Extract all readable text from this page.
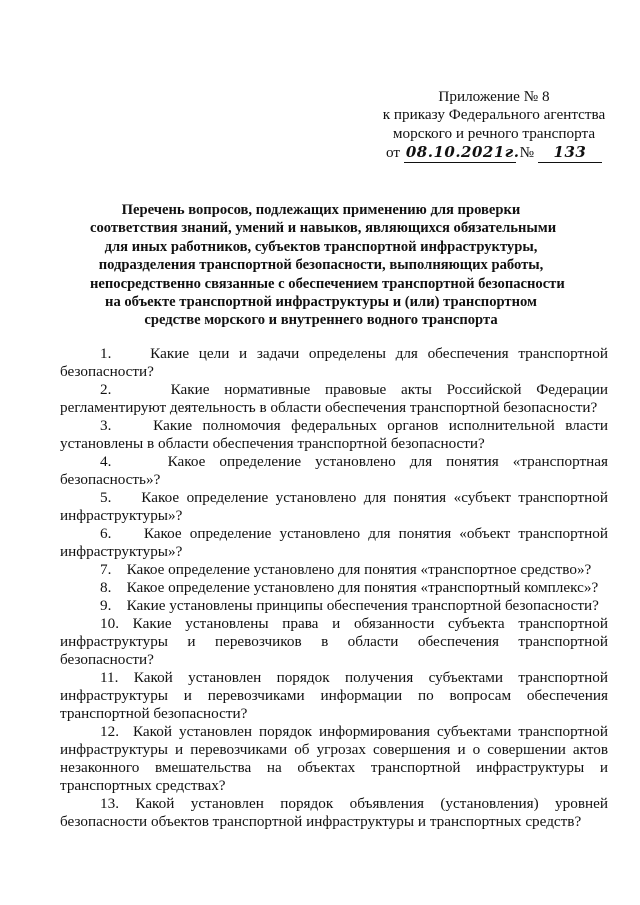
Приложение № 8
к приказу Федерального агентства
морского и речного транспорта
от
08.10.2021г.
№
	133
Перечень вопросов, подлежащих применению для проверки
соответствия знаний, умений и навыков, являющихся обязательными
для иных работников, субъектов транспортной инфраструктуры,
подразделения транспортной безопасности, выполняющих работы,
непосредственно связанные с обеспечением транспортной безопасности
на объекте транспортной инфраструктуры и (или) транспортном
средстве морского и внутреннего водного транспорта

1.    Какие цели и задачи определены для обеспечения транспортной безопасности?

2.    Какие нормативные правовые акты Российской Федерации регламентируют деятельность в области обеспечения транспортной безопасности?

3.    Какие полномочия федеральных органов исполнительной власти установлены в области обеспечения транспортной безопасности?

4.    Какое определение установлено для понятия «транспортная безопасность»?

5.    Какое определение установлено для понятия «субъект транспортной инфраструктуры»?

6.    Какое определение установлено для понятия «объект транспортной инфраструктуры»?

7.    Какое определение установлено для понятия «транспортное средство»?

8.    Какое определение установлено для понятия «транспортный комплекс»?

9.    Какие установлены принципы обеспечения транспортной безопасности?

10. Какие установлены права и обязанности субъекта транспортной инфраструктуры и перевозчиков в области обеспечения транспортной безопасности?

11. Какой установлен порядок получения субъектами транспортной инфраструктуры и перевозчиками информации по вопросам обеспечения транспортной безопасности?

12.  Какой установлен порядок информирования субъектами транспортной инфраструктуры и перевозчиками об угрозах совершения и о совершении актов незаконного вмешательства на объектах транспортной инфраструктуры и транспортных средствах?

13. Какой установлен порядок объявления (установления) уровней безопасности объектов транспортной инфраструктуры и транспортных средств?
